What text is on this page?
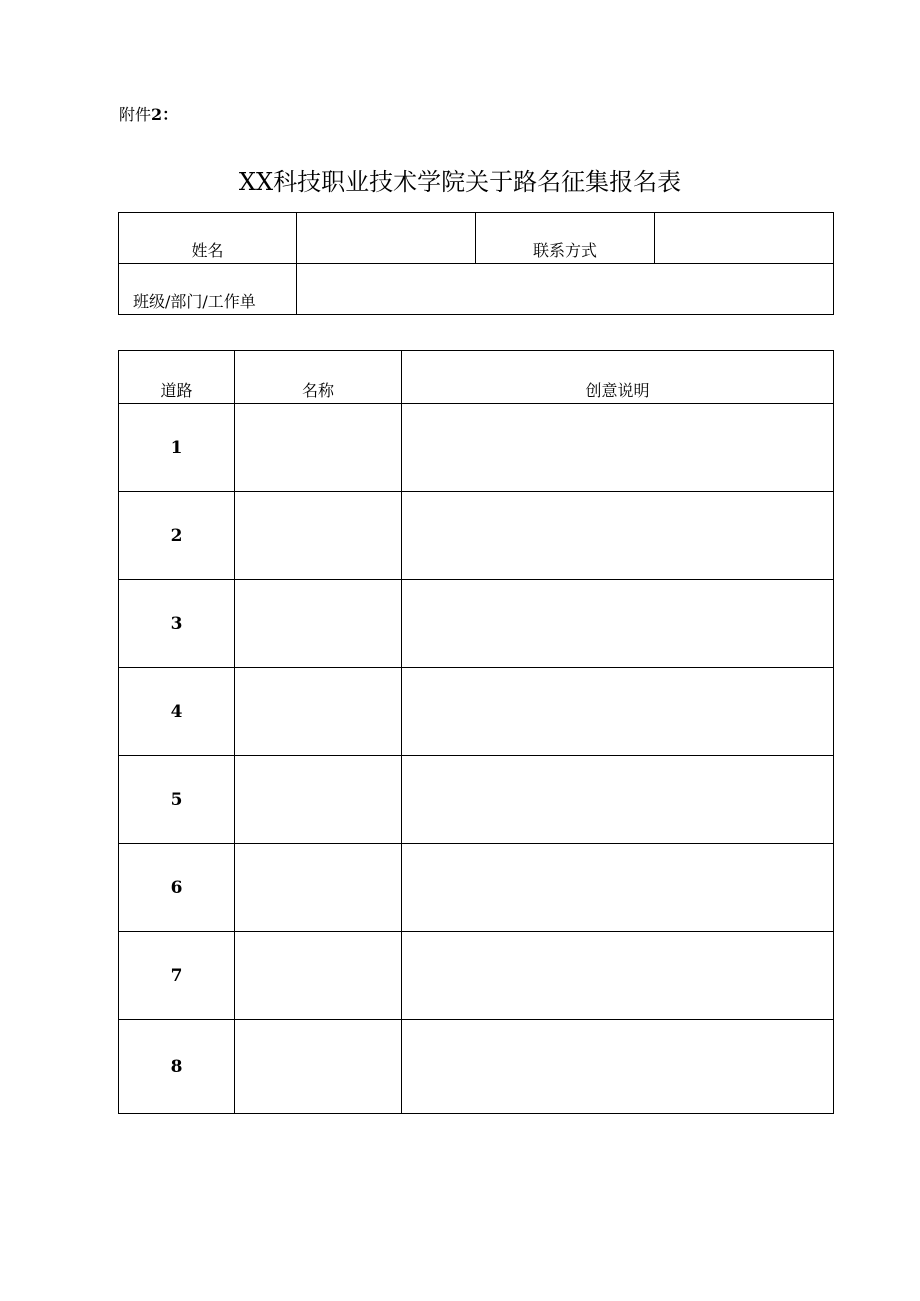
附件2：
XX科技职业技术学院关于路名征集报名表
姓名		联系方式	
班级/部门/工作单			
道路	名称	创意说明
1		
2		
3		
4		
5		
6		
7		
8		
